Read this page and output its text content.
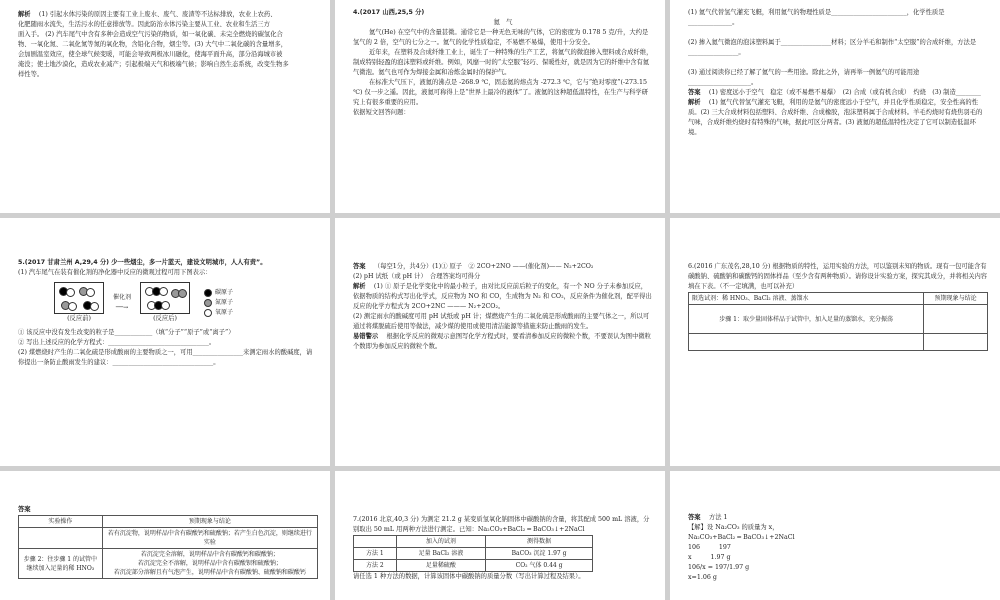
解析　 (1) 引起水体污染的原因主要有工业上废水、废气、废渣等不达标排放，农业上农药、

化肥随雨水流失，生活污水的任意排放等。因此防治水体污染主要从工业、农业和生活三方

面入手。 (2) 汽车尾气中含有多种会造成空气污染的物质，如一氧化碳、未完全燃烧的碳氢化合

物、一氧化氮、二氧化氮等氮的氧化物，含铅化合物，烟尘等。(3) 大气中二氧化碳的含量增多，

会加剧温室效应，使全球气候变暖，可能会导致两极冰川融化，使海平面升高，部分沿海城市被

淹没；使土地沙漠化，造成农业减产；引起极端天气和极端气候；影响自然生态系统，改变生物多

样性等。

4.(2017 山西,25,5 分)

氦　气

氦气(He) 在空气中的含量甚微。通常它是一种无色无味的气体，它的密度为 0.178 5 克/升，大约是氢气的 2 倍，空气的七分之一。氦气的化学性质稳定，不易燃不易爆，使用十分安全。

近年来，在塑料及合成纤维工业上，诞生了一种特殊的生产工艺，将氦气的微泡掺入塑料或合成纤维，制成特别轻盈的泡沫塑料或纤维。例如，风靡一时的“太空服”轻巧、保暖性好，就是因为它的纤维中含有氦气微泡。氦气也可作为焊接金属和冶炼金属时的保护气。

在标准大气压下，液氦的沸点是 -268.9 ℃，固态氦的熔点为 -272.3 ℃，它与“绝对零度”(-273.15 ℃) 仅一步之遥。因此，液氦可称得上是“世界上最冷的液体”了。液氦的这种超低温特性，在生产与科学研究上有很多重要的应用。

依据短文回答问题：

(1) 氦气代替氢气灌充飞艇，利用氦气的物理性质是________________________，化学性质是______________。

(2) 掺入氦气微泡的泡沫塑料属于________________材料；区分羊毛和制作“太空服”的合成纤维，方法是________________。

(3) 通过阅读你已经了解了氦气的一些用途。除此之外，请再举一例氦气的可能用途____________________。

答案　 (1) 密度远小于空气　稳定（或不易燃不易爆）　(2) 合成（或有机合成）　灼烧　(3) 制造________

解析　 (1) 氦气代替氢气灌充飞艇，利用的是氦气的密度远小于空气，并且化学性质稳定，安全性高的性质。(2) 三大合成材料包括塑料、合成纤维、合成橡胶，泡沫塑料属于合成材料。羊毛灼烧时有烧焦羽毛的气味，合成纤维灼烧时有特殊的气味，据此可区分两者。(3) 液氦的超低温特性决定了它可以制造低温环境。

5.(2017 甘肃兰州 A,29,4 分) 少一些烟尘，多一片蓝天，建设文明城市，人人有责”。

(1) 汽车尾气在装有催化剂的净化器中反应的微观过程可用下图表示：

(反应前)
催化剂
──→
(反应后)
碳原子
氮原子
氧原子

① 该反应中没有发生改变的粒子是____________（填“分子”“原子”或“离子”）

② 写出上述反应的化学方程式：________________________________。

(2) 煤燃烧时产生的二氧化硫是形成酸雨的主要物质之一，可用________________来测定雨水的酸碱度，请你提出一条防止酸雨发生的建议：________________________________。

答案　 （每空1分，共4分）(1)① 原子　② 2CO+2NO ——(催化剂)—— N₂+2CO₂

(2) pH 试纸（或 pH 计）　合理答案均可得分

解析　 (1) ① 原子是化学变化中的最小粒子，由对比反应前后粒子的变化，有一个 NO 分子未参加反应，依据物质的结构式写出化学式，反应物为 NO 和 CO，生成物为 N₂ 和 CO₂，反应条件为催化剂，配平得出反应的化学方程式为 2CO+2NC ——— N₂+2CO₂。

(2) 测定雨水的酸碱度可用 pH 试纸或 pH 计；煤燃烧产生的二氧化硫是形成酸雨的主要气体之一，所以可通过将煤脱硫后使用等做法，减少煤的使用或使用清洁能源等措施来防止酸雨的发生。

易错警示　 根据化学反应的微观示意图写化学方程式时，要看清参加反应的微粒个数，不要误认为图中微粒个数即为参加反应的微粒个数。

6.(2016 广东茂名,28,10 分) 根据物质的特性，运用实验的方法，可以鉴别未知的物质。现有一包可能含有碳酸钠、硫酸钠和碳酸钙的固体样品（至少含有两种物质）。请你设计实验方案，探究其成分，并将相关内容填在下表。（不一定填满，也可以补充）

限选试剂：稀 HNO₃、BaCl₂ 溶液、蒸馏水	预期现象与结论
步骤 1：取少量固体样品于试管中，加入足量的蒸馏水，充分振荡	

答案

实验操作	预期现象与结论
	若有沉淀物，说明样品中含有碳酸钙和硫酸钠；若产生白色沉淀，则继续进行实验
步骤 2：往步骤 1 的试管中继续加入足量的稀 HNO₃	若沉淀完全溶解，说明样品中含有碳酸钙和碳酸钠；
若沉淀完全不溶解，说明样品中含有碳酸钡和硫酸钠；
若沉淀部分溶解且有气泡产生，说明样品中含有碳酸钠、硫酸钠和碳酸钙

7.(2016 北京,40,3 分) 为测定 21.2 g 某变质氢氧化钠固体中碳酸钠的含量，将其配成 500 mL 溶液，分别取出 50 mL 用两种方法进行测定。已知：Na₂CO₃+BaCl₂ ═ BaCO₃↓+2NaCl

	加入的试剂	测得数据
方法 1	足量 BaCl₂ 溶液	BaCO₃ 沉淀 1.97 g
方法 2	足量稀硫酸	CO₂ 气体 0.44 g

请任选 1 种方法的数据，计算该固体中碳酸钠的质量分数（写出计算过程及结果）。

答案　 方法 1

【解】设 Na₂CO₃ 的质量为 x，

Na₂CO₃+BaCl₂ ═ BaCO₃↓+2NaCl

106　　　197

x　　　1.97 g

106/x = 197/1.97 g

x=1.06 g
